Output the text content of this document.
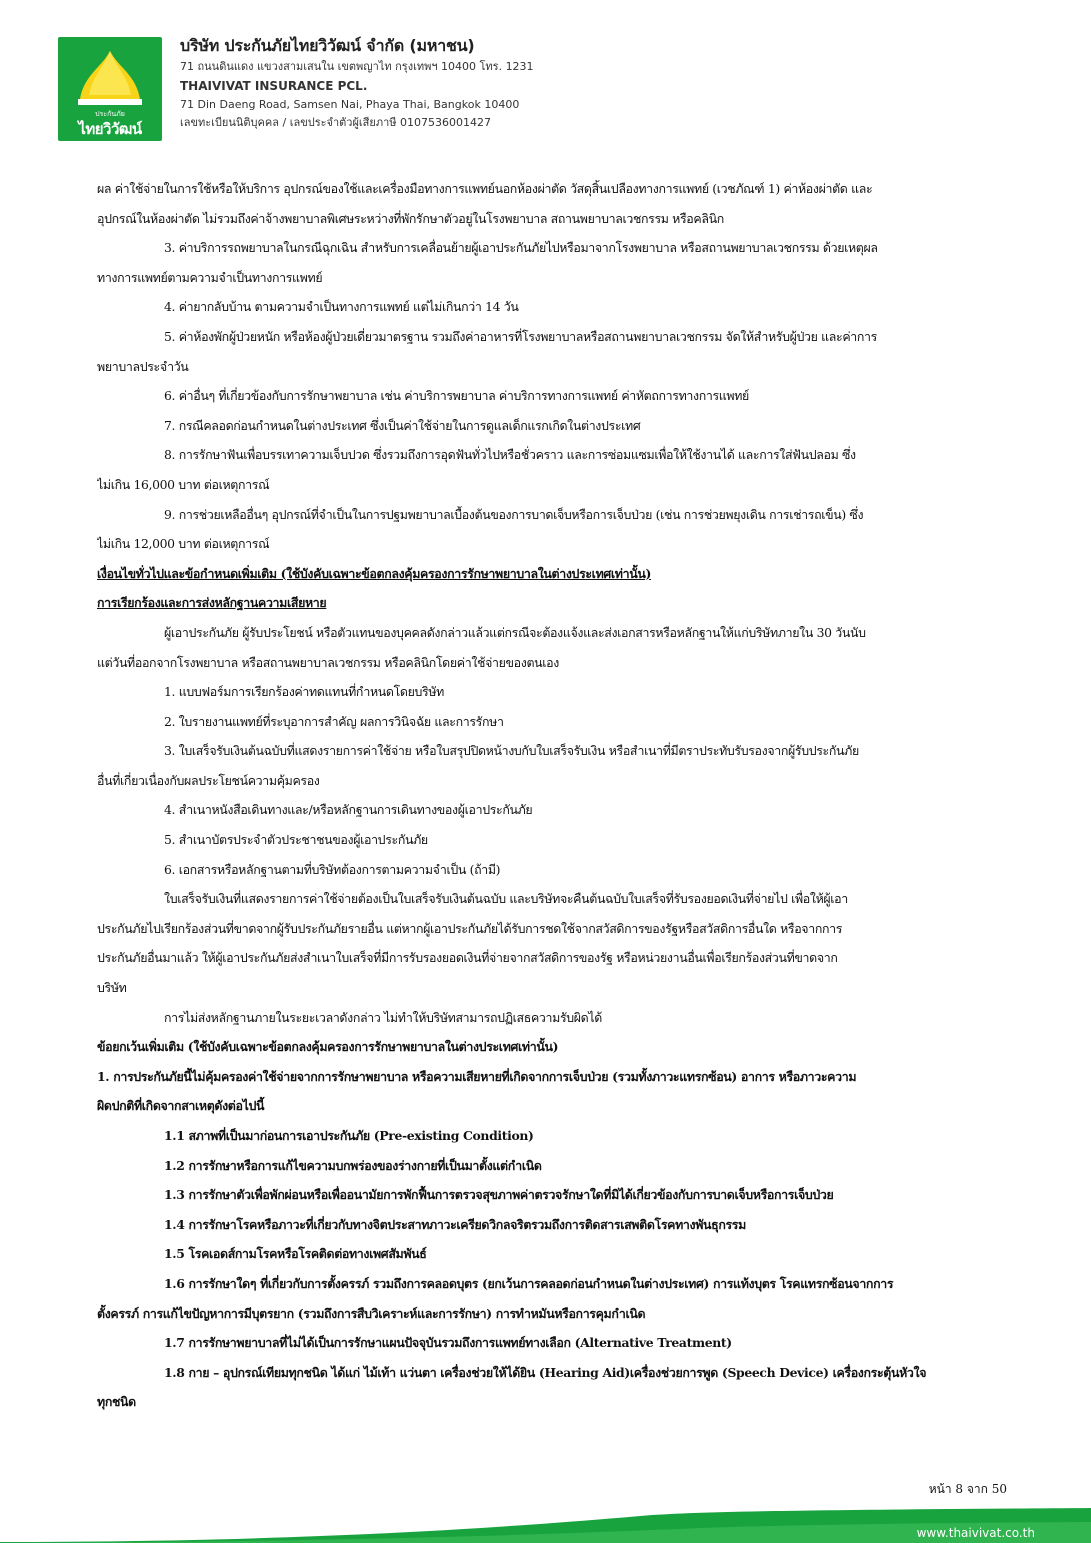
ประกันภัย
ไทยวิวัฒน์
บริษัท ประกันภัยไทยวิวัฒน์ จำกัด (มหาชน)
71 ถนนดินแดง แขวงสามเสนใน เขตพญาไท กรุงเทพฯ 10400 โทร. 1231
THAIVIVAT INSURANCE PCL.
71 Din Daeng Road, Samsen Nai, Phaya Thai, Bangkok 10400
เลขทะเบียนนิติบุคคล / เลขประจำตัวผู้เสียภาษี 0107536001427

ผล ค่าใช้จ่ายในการใช้หรือให้บริการ อุปกรณ์ของใช้และเครื่องมือทางการแพทย์นอกห้องผ่าตัด วัสดุสิ้นเปลืองทางการแพทย์ (เวชภัณฑ์ 1) ค่าห้องผ่าตัด และ

อุปกรณ์ในห้องผ่าตัด ไม่รวมถึงค่าจ้างพยาบาลพิเศษระหว่างที่พักรักษาตัวอยู่ในโรงพยาบาล สถานพยาบาลเวชกรรม หรือคลินิก

3. ค่าบริการรถพยาบาลในกรณีฉุกเฉิน สำหรับการเคลื่อนย้ายผู้เอาประกันภัยไปหรือมาจากโรงพยาบาล หรือสถานพยาบาลเวชกรรม ด้วยเหตุผล

ทางการแพทย์ตามความจำเป็นทางการแพทย์

4. ค่ายากลับบ้าน ตามความจำเป็นทางการแพทย์ แต่ไม่เกินกว่า 14 วัน

5. ค่าห้องพักผู้ป่วยหนัก หรือห้องผู้ป่วยเดี่ยวมาตรฐาน รวมถึงค่าอาหารที่โรงพยาบาลหรือสถานพยาบาลเวชกรรม จัดให้สำหรับผู้ป่วย และค่าการ

พยาบาลประจำวัน

6. ค่าอื่นๆ ที่เกี่ยวข้องกับการรักษาพยาบาล เช่น ค่าบริการพยาบาล ค่าบริการทางการแพทย์ ค่าหัตถการทางการแพทย์

7. กรณีคลอดก่อนกำหนดในต่างประเทศ ซึ่งเป็นค่าใช้จ่ายในการดูแลเด็กแรกเกิดในต่างประเทศ

8. การรักษาฟันเพื่อบรรเทาความเจ็บปวด ซึ่งรวมถึงการอุดฟันทั่วไปหรือชั่วคราว และการซ่อมแซมเพื่อให้ใช้งานได้ และการใส่ฟันปลอม ซึ่ง

ไม่เกิน 16,000 บาท ต่อเหตุการณ์

9. การช่วยเหลืออื่นๆ อุปกรณ์ที่จำเป็นในการปฐมพยาบาลเบื้องต้นของการบาดเจ็บหรือการเจ็บป่วย (เช่น การช่วยพยุงเดิน การเช่ารถเข็น) ซึ่ง

ไม่เกิน 12,000 บาท ต่อเหตุการณ์

เงื่อนไขทั่วไปและข้อกำหนดเพิ่มเติม (ใช้บังคับเฉพาะข้อตกลงคุ้มครองการรักษาพยาบาลในต่างประเทศเท่านั้น)

การเรียกร้องและการส่งหลักฐานความเสียหาย

ผู้เอาประกันภัย ผู้รับประโยชน์ หรือตัวแทนของบุคคลดังกล่าวแล้วแต่กรณีจะต้องแจ้งและส่งเอกสารหรือหลักฐานให้แก่บริษัทภายใน 30 วันนับ

แต่วันที่ออกจากโรงพยาบาล หรือสถานพยาบาลเวชกรรม หรือคลินิกโดยค่าใช้จ่ายของตนเอง

1. แบบฟอร์มการเรียกร้องค่าทดแทนที่กำหนดโดยบริษัท

2. ใบรายงานแพทย์ที่ระบุอาการสำคัญ ผลการวินิจฉัย และการรักษา

3. ใบเสร็จรับเงินต้นฉบับที่แสดงรายการค่าใช้จ่าย หรือใบสรุปปิดหน้างบกับใบเสร็จรับเงิน หรือสำเนาที่มีตราประทับรับรองจากผู้รับประกันภัย

อื่นที่เกี่ยวเนื่องกับผลประโยชน์ความคุ้มครอง

4. สำเนาหนังสือเดินทางและ/หรือหลักฐานการเดินทางของผู้เอาประกันภัย

5. สำเนาบัตรประจำตัวประชาชนของผู้เอาประกันภัย

6. เอกสารหรือหลักฐานตามที่บริษัทต้องการตามความจำเป็น (ถ้ามี)

ใบเสร็จรับเงินที่แสดงรายการค่าใช้จ่ายต้องเป็นใบเสร็จรับเงินต้นฉบับ และบริษัทจะคืนต้นฉบับใบเสร็จที่รับรองยอดเงินที่จ่ายไป เพื่อให้ผู้เอา

ประกันภัยไปเรียกร้องส่วนที่ขาดจากผู้รับประกันภัยรายอื่น แต่หากผู้เอาประกันภัยได้รับการชดใช้จากสวัสดิการของรัฐหรือสวัสดิการอื่นใด หรือจากการ

ประกันภัยอื่นมาแล้ว ให้ผู้เอาประกันภัยส่งสำเนาใบเสร็จที่มีการรับรองยอดเงินที่จ่ายจากสวัสดิการของรัฐ หรือหน่วยงานอื่นเพื่อเรียกร้องส่วนที่ขาดจาก

บริษัท

การไม่ส่งหลักฐานภายในระยะเวลาดังกล่าว ไม่ทำให้บริษัทสามารถปฏิเสธความรับผิดได้

ข้อยกเว้นเพิ่มเติม (ใช้บังคับเฉพาะข้อตกลงคุ้มครองการรักษาพยาบาลในต่างประเทศเท่านั้น)

1. การประกันภัยนี้ไม่คุ้มครองค่าใช้จ่ายจากการรักษาพยาบาล หรือความเสียหายที่เกิดจากการเจ็บป่วย (รวมทั้งภาวะแทรกซ้อน) อาการ หรือภาวะความ

ผิดปกติที่เกิดจากสาเหตุดังต่อไปนี้

1.1 สภาพที่เป็นมาก่อนการเอาประกันภัย (Pre-existing Condition)

1.2 การรักษาหรือการแก้ไขความบกพร่องของร่างกายที่เป็นมาตั้งแต่กำเนิด

1.3 การรักษาตัวเพื่อพักผ่อนหรือเพื่ออนามัยการพักฟื้นการตรวจสุขภาพค่าตรวจรักษาใดที่มิได้เกี่ยวข้องกับการบาดเจ็บหรือการเจ็บป่วย

1.4 การรักษาโรคหรือภาวะที่เกี่ยวกับทางจิตประสาทภาวะเครียดวิกลจริตรวมถึงการติดสารเสพติดโรคทางพันธุกรรม

1.5 โรคเอดส์กามโรคหรือโรคติดต่อทางเพศสัมพันธ์

1.6 การรักษาใดๆ ที่เกี่ยวกับการตั้งครรภ์ รวมถึงการคลอดบุตร (ยกเว้นการคลอดก่อนกำหนดในต่างประเทศ) การแท้งบุตร โรคแทรกซ้อนจากการ

ตั้งครรภ์ การแก้ไขปัญหาการมีบุตรยาก (รวมถึงการสืบวิเคราะห์และการรักษา) การทำหมันหรือการคุมกำเนิด

1.7 การรักษาพยาบาลที่ไม่ได้เป็นการรักษาแผนปัจจุบันรวมถึงการแพทย์ทางเลือก (Alternative Treatment)

1.8 กาย – อุปกรณ์เทียมทุกชนิด ได้แก่ ไม้เท้า แว่นตา เครื่องช่วยให้ได้ยิน (Hearing Aid)เครื่องช่วยการพูด (Speech Device) เครื่องกระตุ้นหัวใจ

ทุกชนิด

หน้า 8 จาก 50
www.thaivivat.co.th
